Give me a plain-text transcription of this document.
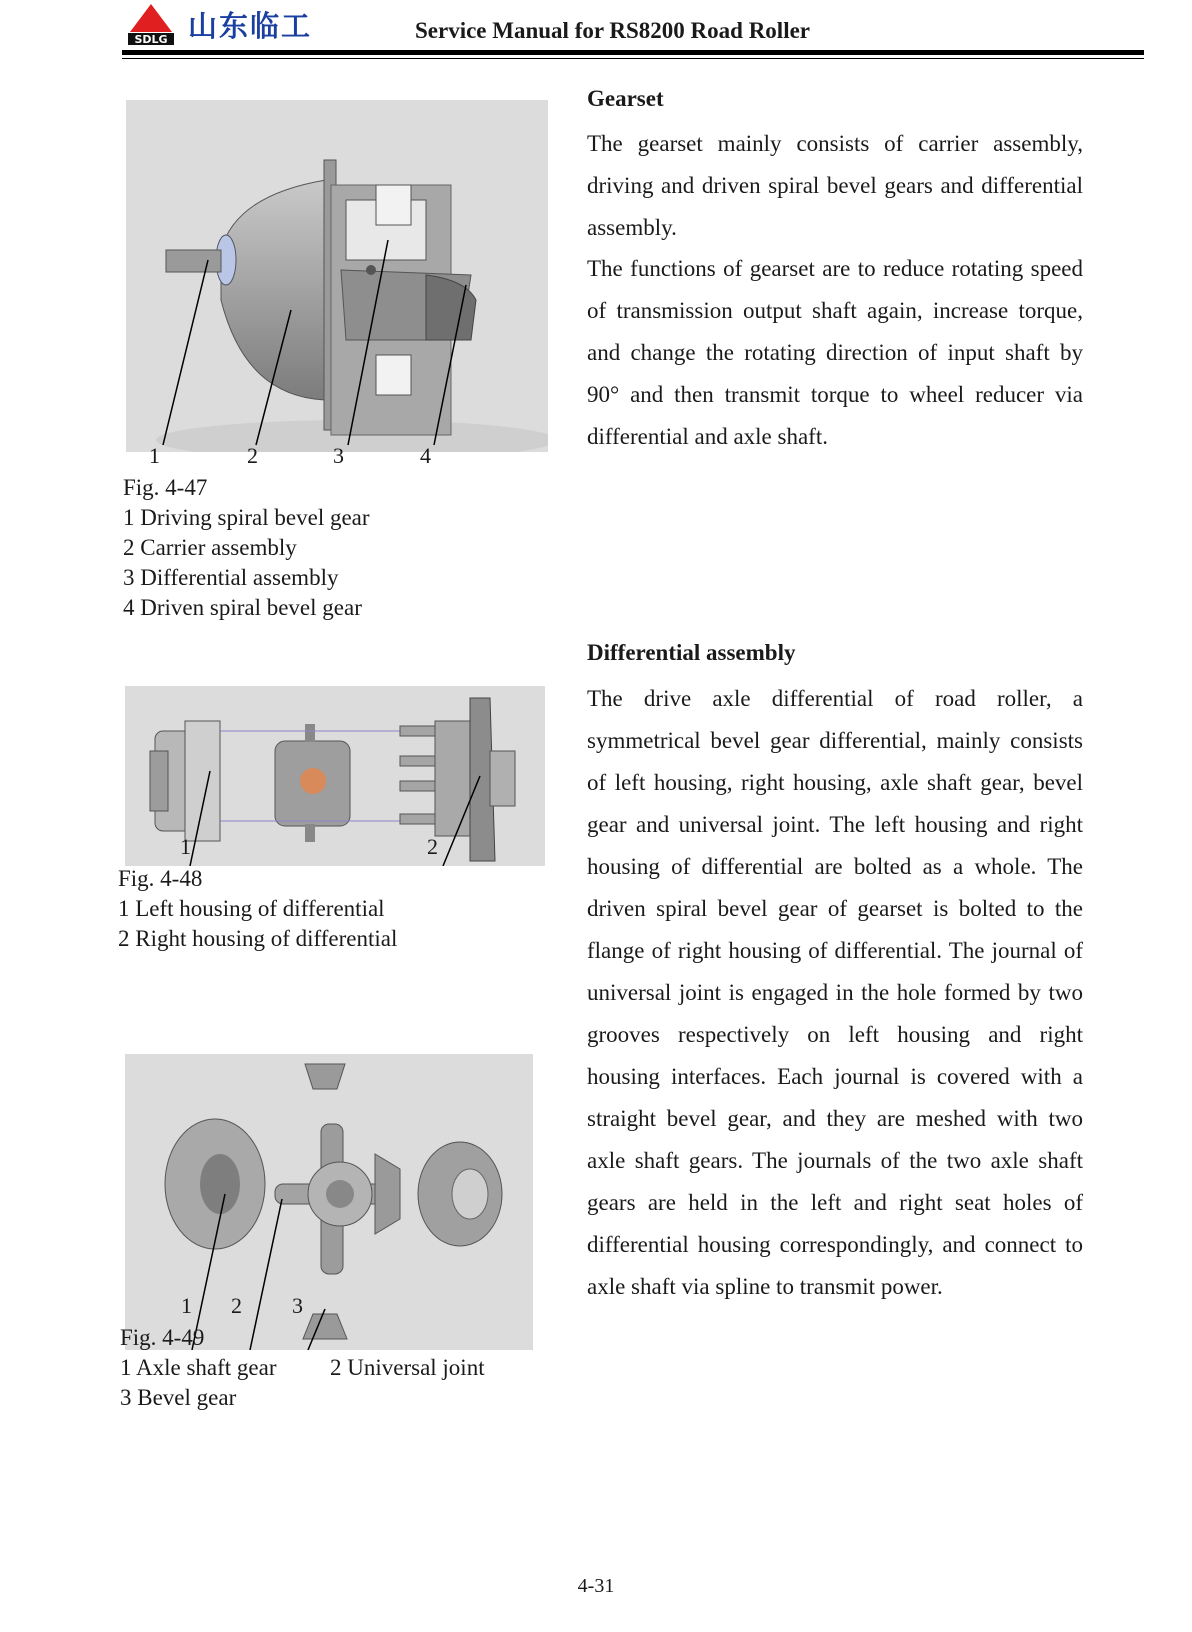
SDLG 山东临工	Service Manual for RS8200 Road Roller
1	2	3	4
Fig. 4-47
1 Driving spiral bevel gear
2 Carrier assembly
3 Differential assembly
4 Driven spiral bevel gear
1	2
Fig. 4-48
1 Left housing of differential
2 Right housing of differential
1 2 3
Fig. 4-49
1 Axle shaft gear 2 Universal joint
3 Bevel gear
Gearset

The gearset mainly consists of carrier assembly, driving and driven spiral bevel gears and differential assembly.

The functions of gearset are to reduce rotating speed of transmission output shaft again, increase torque, and change the rotating direction of input shaft by 90° and then transmit torque to wheel reducer via differential and axle shaft.

Differential assembly

The drive axle differential of road roller, a symmetrical bevel gear differential, mainly consists of left housing, right housing, axle shaft gear, bevel gear and universal joint. The left housing and right housing of differential are bolted as a whole. The driven spiral bevel gear of gearset is bolted to the flange of right housing of differential. The journal of universal joint is engaged in the hole formed by two grooves respectively on left housing and right housing interfaces. Each journal is covered with a straight bevel gear, and they are meshed with two axle shaft gears. The journals of the two axle shaft gears are held in the left and right seat holes of differential housing correspondingly, and connect to axle shaft via spline to transmit power.

4-31
